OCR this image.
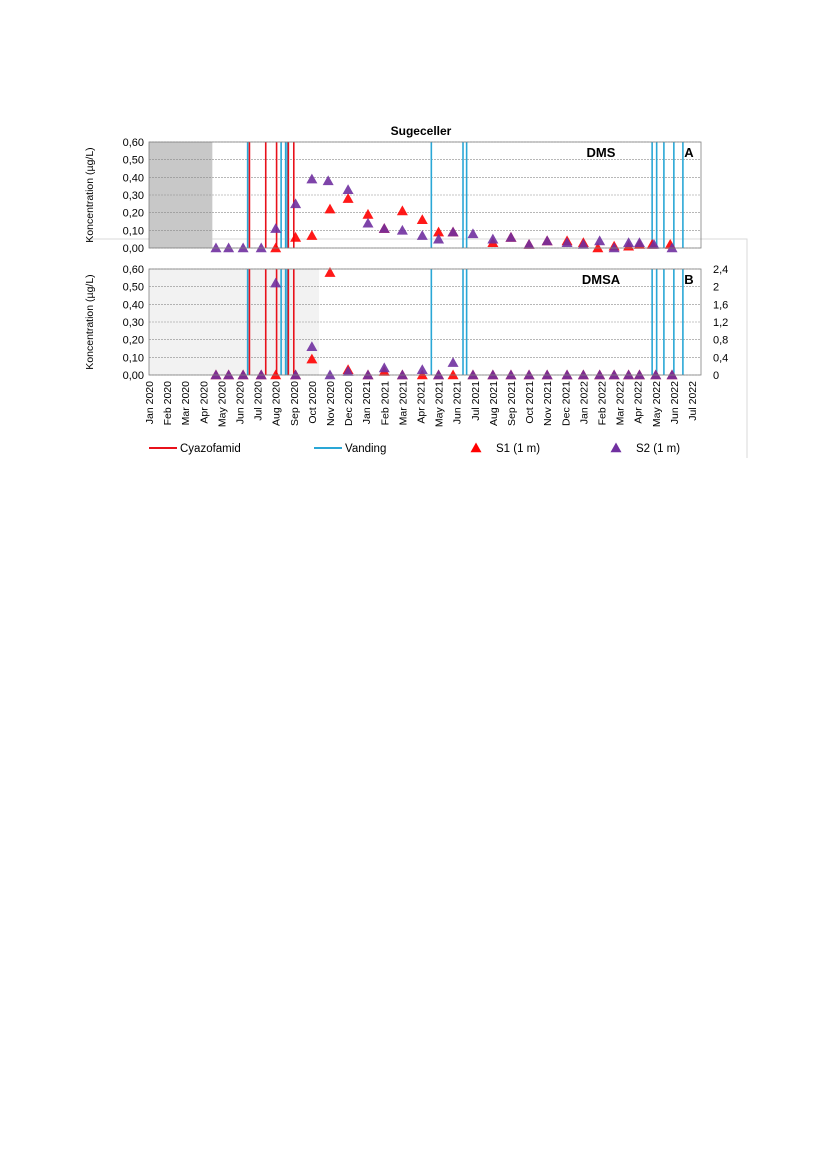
Sugeceller
0,00
0,10
0,20
0,30
0,40
0,50
0,60
DMS	A
Koncentration (µg/L)
0,00
0,10
0,20
0,30
0,40
0,50
0,60
0
0,4
0,8
1,2
1,6
2
2,4
DMSA	B
Koncentration (µg/L)
Jan 2020 Feb 2020 Mar 2020 Apr 2020 May 2020 Jun 2020 Jul 2020 Aug 2020 Sep 2020 Oct 2020 Nov 2020 Dec 2020 Jan 2021 Feb 2021 Mar 2021 Apr 2021 May 2021 Jun 2021 Jul 2021 Aug 2021 Sep 2021 Oct 2021 Nov 2021 Dec 2021 Jan 2022 Feb 2022 Mar 2022 Apr 2022 May 2022 Jun 2022 Jul 2022
Cyazofamid	Vanding	S1 (1 m)	S2 (1 m)
